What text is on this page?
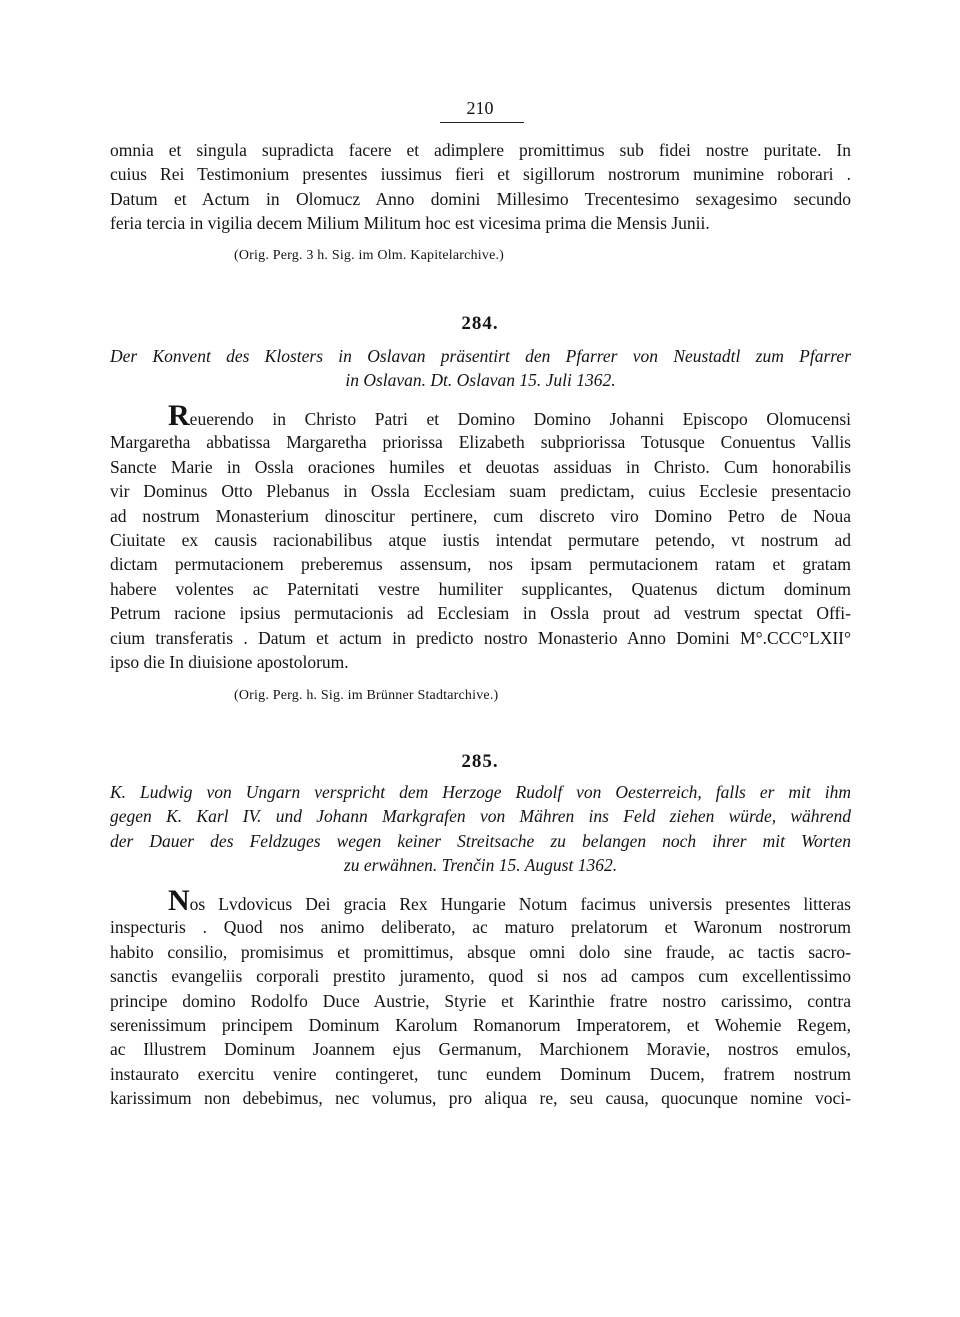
210
omnia et singula supradicta facere et adimplere promittimus sub fidei nostre puritate. In
cuius Rei Testimonium presentes iussimus fieri et sigillorum nostrorum munimine roborari .
Datum et Actum in Olomucz Anno domini Millesimo Trecentesimo sexagesimo secundo
feria tercia in vigilia decem Milium Militum hoc est vicesima prima die Mensis Junii.
(Orig. Perg. 3 h. Sig. im Olm. Kapitelarchive.)
284.
Der Konvent des Klosters in Oslavan präsentirt den Pfarrer von Neustadtl zum Pfarrer
in Oslavan. Dt. Oslavan 15. Juli 1362.
Reuerendo in Christo Patri et Domino Domino Johanni Episcopo Olomucensi
Margaretha abbatissa Margaretha priorissa Elizabeth subpriorissa Totusque Conuentus Vallis
Sancte Marie in Ossla oraciones humiles et deuotas assiduas in Christo. Cum honorabilis
vir Dominus Otto Plebanus in Ossla Ecclesiam suam predictam, cuius Ecclesie presentacio
ad nostrum Monasterium dinoscitur pertinere, cum discreto viro Domino Petro de Noua
Ciuitate ex causis racionabilibus atque iustis intendat permutare petendo, vt nostrum ad
dictam permutacionem preberemus assensum, nos ipsam permutacionem ratam et gratam
habere volentes ac Paternitati vestre humiliter supplicantes, Quatenus dictum dominum
Petrum racione ipsius permutacionis ad Ecclesiam in Ossla prout ad vestrum spectat Offi-
cium transferatis . Datum et actum in predicto nostro Monasterio Anno Domini M°.CCC°LXII°
ipso die In diuisione apostolorum.
(Orig. Perg. h. Sig. im Brünner Stadtarchive.)
285.
K. Ludwig von Ungarn verspricht dem Herzoge Rudolf von Oesterreich, falls er mit ihm
gegen K. Karl IV. und Johann Markgrafen von Mähren ins Feld ziehen würde, während
der Dauer des Feldzuges wegen keiner Streitsache zu belangen noch ihrer mit Worten
zu erwähnen. Trenčin 15. August 1362.
Nos Lvdovicus Dei gracia Rex Hungarie Notum facimus universis presentes litteras
inspecturis . Quod nos animo deliberato, ac maturo prelatorum et Waronum nostrorum
habito consilio, promisimus et promittimus, absque omni dolo sine fraude, ac tactis sacro-
sanctis evangeliis corporali prestito juramento, quod si nos ad campos cum excellentissimo
principe domino Rodolfo Duce Austrie, Styrie et Karinthie fratre nostro carissimo, contra
serenissimum principem Dominum Karolum Romanorum Imperatorem, et Wohemie Regem,
ac Illustrem Dominum Joannem ejus Germanum, Marchionem Moravie, nostros emulos,
instaurato exercitu venire contingeret, tunc eundem Dominum Ducem, fratrem nostrum
karissimum non debebimus, nec volumus, pro aliqua re, seu causa, quocunque nomine voci-
